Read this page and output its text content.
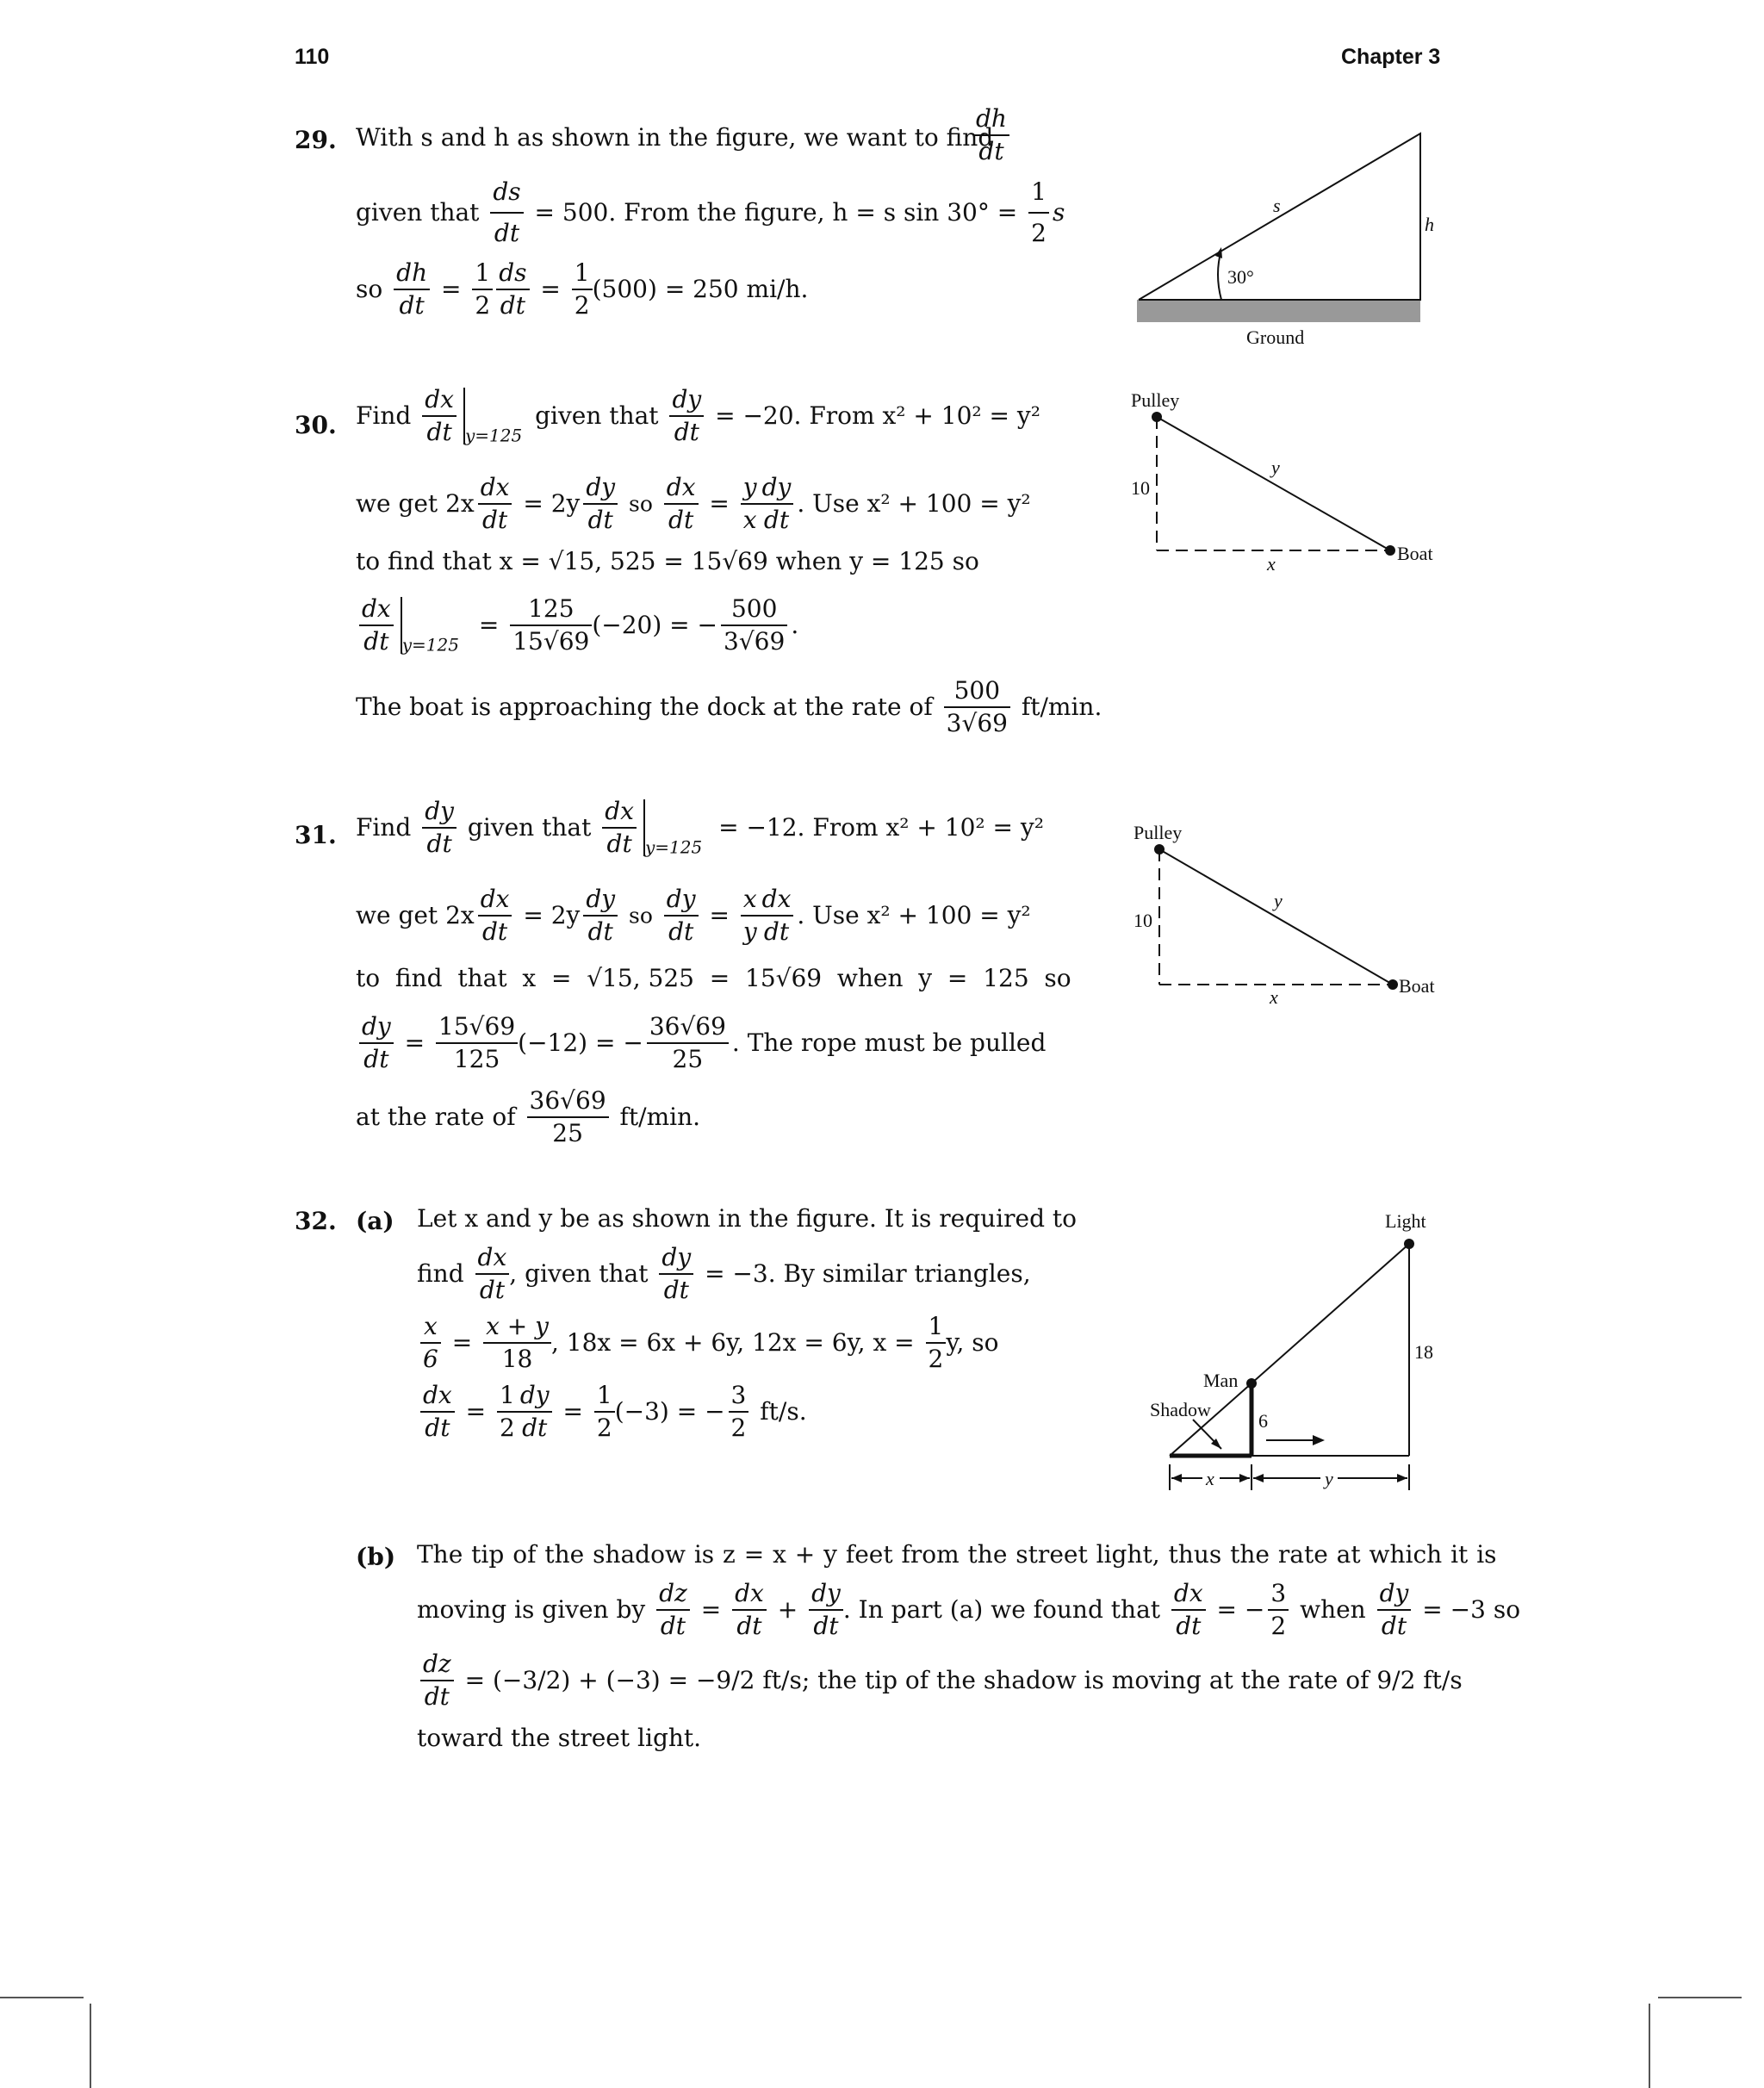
110	Chapter 3
29. With s and h as shown in the figure, we want to find
$\frac{dh}{dt}$
given that $\frac{ds}{dt} = 500$. From the figure, h = s $\sin 30^\circ = \frac{1}{2}$ s
so $\frac{dh}{dt} = \frac{1}{2} \frac{ds}{dt} = \frac{1}{2} (500) = 250$ mi/h.
s
h
30°
Ground
30. Find $\frac{dx}{dt} _{y=125}$ given that $\frac{dy}{dt} = -20$. From x² + 10² = y²
we get $2x \frac{dx}{dt} = 2y \frac{dy}{dt}$ so $\frac{dx}{dt} = \frac{y}{x} \frac{dy}{dt}$ . Use x² + 100 = y²
to find that x = √15, 525 = 15√69 when y = 125 so
$\frac{dx}{dt} _{y=125} = \frac{125}{15√69} (-20)$ = − $\frac{500}{3√69}$ .
The boat is approaching the dock at the rate of $\frac{500}{3√69} ft/\min$.
Pulley
10
y
x	Boat
31. Find $\frac{dy}{dt}$ given that $\frac{dx}{dt} _{y=125} = -12$. From x² + 10² = y²
we get $2x \frac{dx}{dt} = 2y \frac{dy}{dt}$ so $\frac{dy}{dt} = \frac{x}{y} \frac{dx}{dt}$ . Use x² + 100 = y²
to  find  that  x  =  √15, 525  =  15√69  when  y  =  125  so
$\frac{dy}{dt} = \frac{15√69}{125} (-12)$ = − $\frac{36√69}{25}$ . The rope must be pulled
at the rate of $\frac{36√69}{25} ft/\min$.
Pulley
10
y
x
Boat
32. (a) Let x and y be as shown in the figure. It is required to
find $\frac{dx}{dt}$ , given that $\frac{dy}{dt} = -3$. By similar triangles,
$\frac{x}{6} = \frac{x + y}{18}$ , 18x = 6x + 6y, 12x = 6y, $x = \frac{1}{2} y$, so
$\frac{dx}{dt} = \frac{1}{2} \frac{dy}{dt} = \frac{1}{2} (-3)$ = − $\frac{3}{2} ft/s$.
Light
18
Man
Shadow
6
x	y
(b) The tip of the shadow is z = x + y feet from the street light, thus the rate at which it is
moving is given by $\frac{dz}{dt} = \frac{dx}{dt} + \frac{dy}{dt}$ . In part (a) we found that $\frac{dx}{dt}$ = − $\frac{3}{2}$ when $\frac{dy}{dt} = -3$ so
$\frac{dz}{dt} = (-3/2) + (-3) = -9/2$ ft/s; the tip of the shadow is moving at the rate of 9/2 ft/s
toward the street light.
